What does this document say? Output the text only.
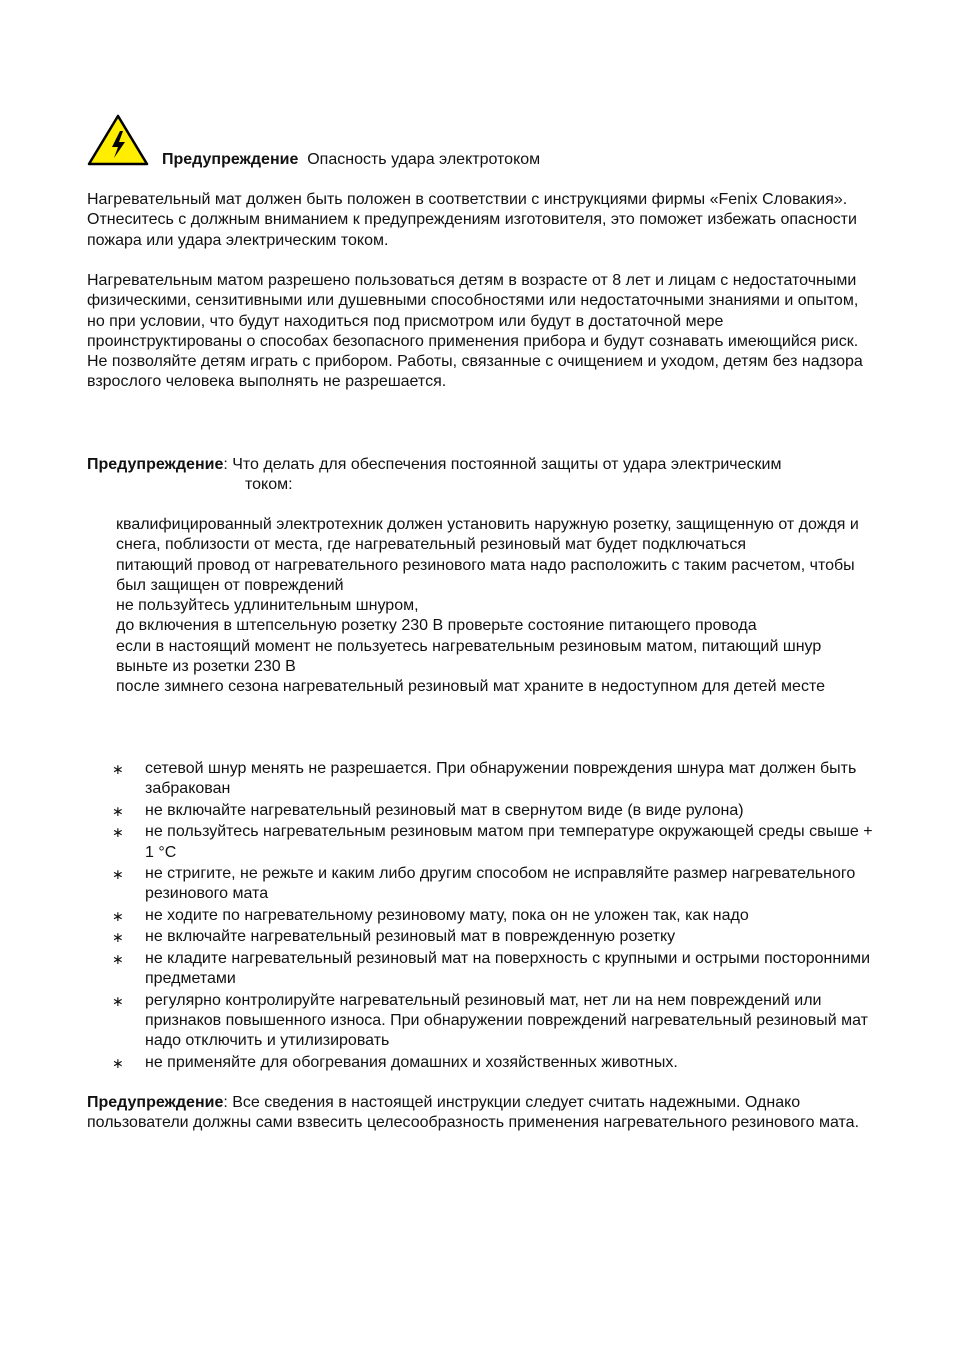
Предупреждение Опасность удара электротоком

Нагревательный мат должен быть положен в соответствии с инструкциями фирмы «Fenix Словакия». Отнеситесь с должным вниманием к предупреждениям изготовителя, это поможет избежать опасности пожара или удара электрическим током.

Нагревательным матом разрешено пользоваться детям в возрасте от 8 лет и лицам с недостаточными физическими, сензитивными или душевными способностями или недостаточными знаниями и опытом, но при условии, что будут находиться под присмотром или будут в достаточной мере проинструктированы о способах безопасного применения прибора и будут сознавать имеющийся риск. Не позволяйте детям играть с прибором. Работы, связанные с очищением и уходом, детям без надзора взрослого человека выполнять не разрешается.

Предупреждение: Что делать для обеспечения постоянной защиты от удара электрическим
током:
квалифицированный электротехник должен установить наружную розетку, защищенную от дождя и снега, поблизости от места, где нагревательный резиновый мат будет подключаться
питающий провод от нагревательного резинового мата надо расположить с таким расчетом, чтобы был защищен от повреждений
не пользуйтесь удлинительным шнуром,
до включения в штепсельную розетку 230 В проверьте состояние питающего провода
если в настоящий момент не пользуетесь нагревательным резиновым матом, питающий шнур выньте из розетки 230 В
после зимнего сезона нагревательный резиновый мат храните в недоступном для детей месте
∗ сетевой шнур менять не разрешается. При обнаружении повреждения шнура мат должен быть забракован
∗ не включайте нагревательный резиновый мат в свернутом виде (в виде рулона)
∗ не пользуйтесь нагревательным резиновым матом при температуре окружающей среды свыше + 1 °C
∗ не стригите, не режьте и каким либо другим способом не исправляйте размер нагревательного резинового мата
∗ не ходите по нагревательному резиновому мату, пока он не уложен так, как надо
∗ не включайте нагревательный резиновый мат в поврежденную розетку
∗ не кладите нагревательный резиновый мат на поверхность с крупными и острыми посторонними предметами
∗ регулярно контролируйте нагревательный резиновый мат, нет ли на нем повреждений или признаков повышенного износа. При обнаружении повреждений нагревательный резиновый мат надо отключить и утилизировать
∗ не применяйте для обогревания домашних и хозяйственных животных.

Предупреждение: Все сведения в настоящей инструкции следует считать надежными. Однако пользователи должны сами взвесить целесообразность применения нагревательного резинового мата.
